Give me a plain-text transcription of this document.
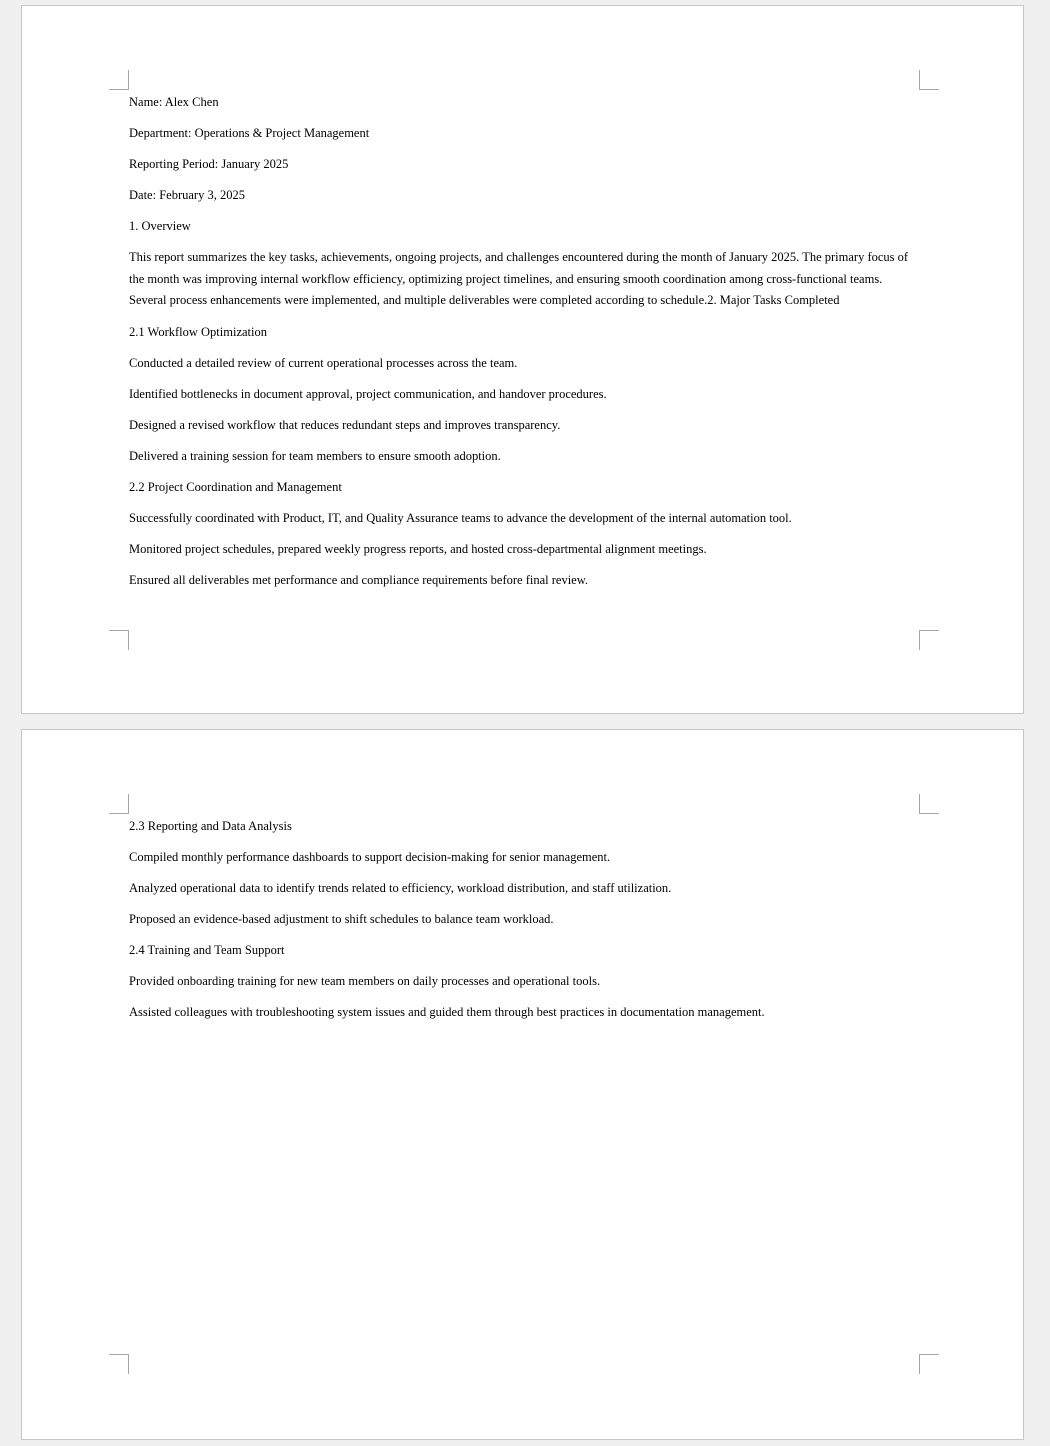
Name: Alex Chen

Department: Operations & Project Management

Reporting Period: January 2025

Date: February 3, 2025

1. Overview

This report summarizes the key tasks, achievements, ongoing projects, and challenges encountered during the month of January 2025. The primary focus of the month was improving internal workflow efficiency, optimizing project timelines, and ensuring smooth coordination among cross-functional teams. Several process enhancements were implemented, and multiple deliverables were completed according to schedule.2. Major Tasks Completed

2.1 Workflow Optimization

Conducted a detailed review of current operational processes across the team.

Identified bottlenecks in document approval, project communication, and handover procedures.

Designed a revised workflow that reduces redundant steps and improves transparency.

Delivered a training session for team members to ensure smooth adoption.

2.2 Project Coordination and Management

Successfully coordinated with Product, IT, and Quality Assurance teams to advance the development of the internal automation tool.

Monitored project schedules, prepared weekly progress reports, and hosted cross-departmental alignment meetings.

Ensured all deliverables met performance and compliance requirements before final review.

2.3 Reporting and Data Analysis

Compiled monthly performance dashboards to support decision-making for senior management.

Analyzed operational data to identify trends related to efficiency, workload distribution, and staff utilization.

Proposed an evidence-based adjustment to shift schedules to balance team workload.

2.4 Training and Team Support

Provided onboarding training for new team members on daily processes and operational tools.

Assisted colleagues with troubleshooting system issues and guided them through best practices in documentation management.
